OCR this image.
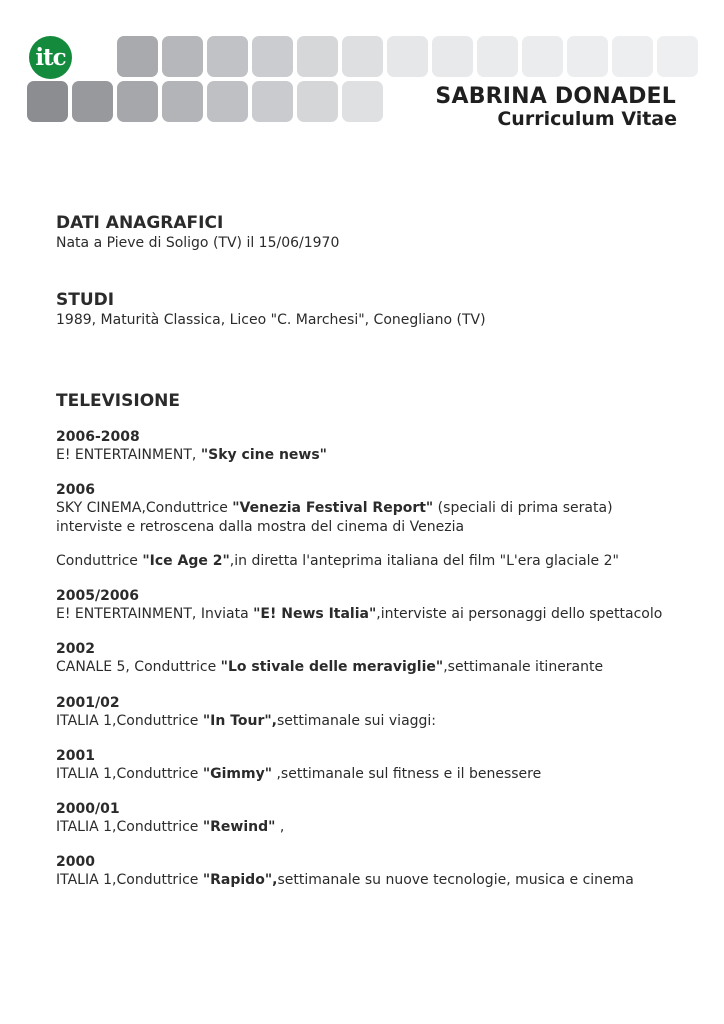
itc 2000
SABRINA DONADEL
Curriculum Vitae
DATI ANAGRAFICI
Nata a Pieve di Soligo (TV) il 15/06/1970
STUDI
1989, Maturità Classica, Liceo "C. Marchesi", Conegliano (TV)
TELEVISIONE
2006-2008
E! ENTERTAINMENT, "Sky cine news"
2006
SKY CINEMA,Conduttrice "Venezia Festival Report" (speciali di prima serata)
interviste e retroscena dalla mostra del cinema di Venezia
Conduttrice "Ice Age 2",in diretta l'anteprima italiana del film "L'era glaciale 2"
2005/2006
E! ENTERTAINMENT, Inviata "E! News Italia",interviste ai personaggi dello spettacolo
2002
CANALE 5, Conduttrice "Lo stivale delle meraviglie",settimanale itinerante
2001/02
ITALIA 1,Conduttrice "In Tour",settimanale sui viaggi:
2001
ITALIA 1,Conduttrice "Gimmy" ,settimanale sul fitness e il benessere
2000/01
ITALIA 1,Conduttrice "Rewind" ,
2000
ITALIA 1,Conduttrice "Rapido",settimanale su nuove tecnologie, musica e cinema
